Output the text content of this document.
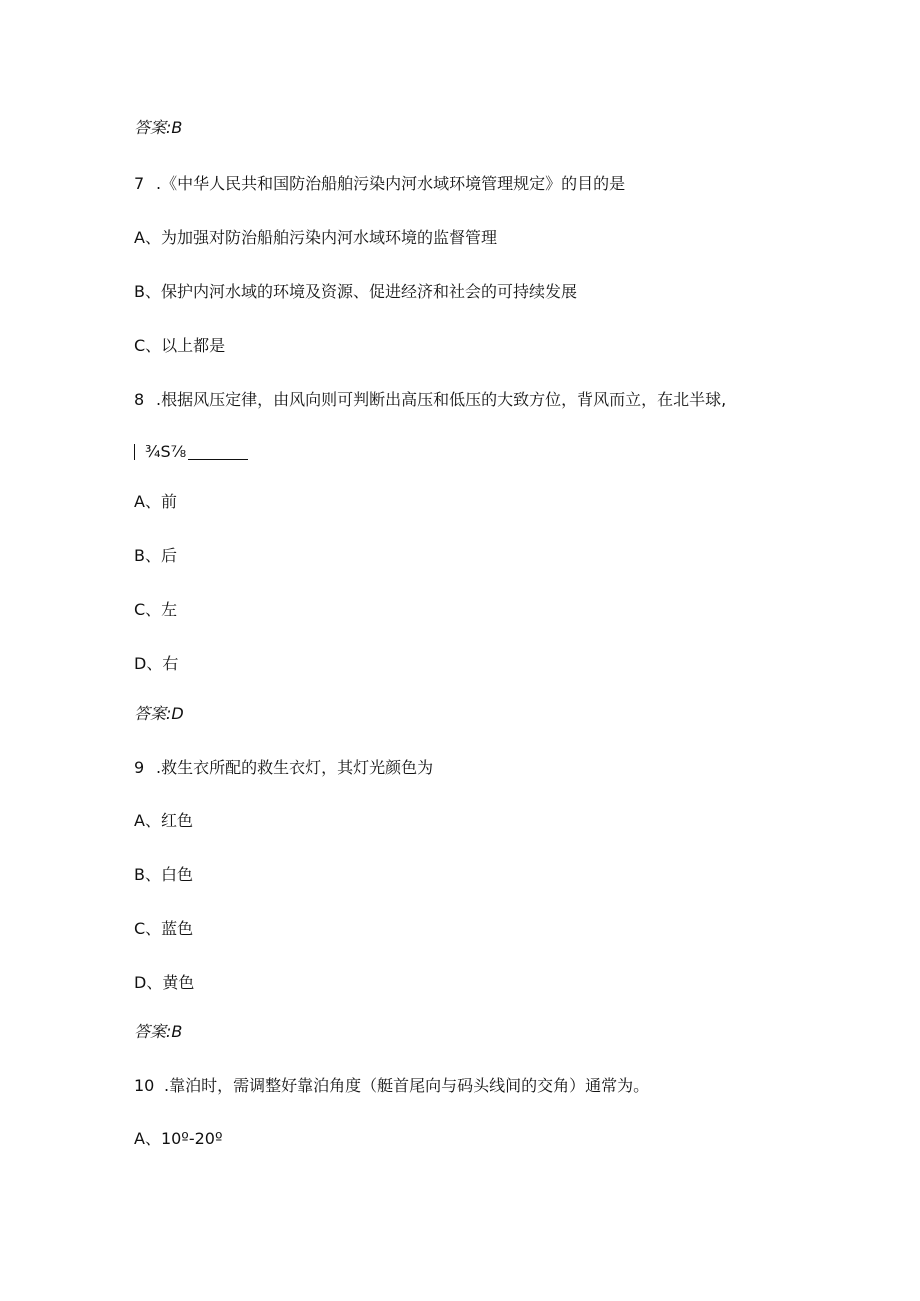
答案:B
7 .《中华人民共和国防治船舶污染内河水域环境管理规定》的目的是
A、为加强对防治船舶污染内河水域环境的监督管理
B、保护内河水域的环境及资源、促进经济和社会的可持续发展
C、以上都是
8 .根据风压定律，由风向则可判断出高压和低压的大致方位，背风而立，在北半球,
¾S⅞
A、前
B、后
C、左
D、右
答案:D
9 .救生衣所配的救生衣灯，其灯光颜色为
A、红色
B、白色
C、蓝色
D、黄色
答案:B
10 .靠泊时，需调整好靠泊角度（艇首尾向与码头线间的交角）通常为。
A、10º-20º
